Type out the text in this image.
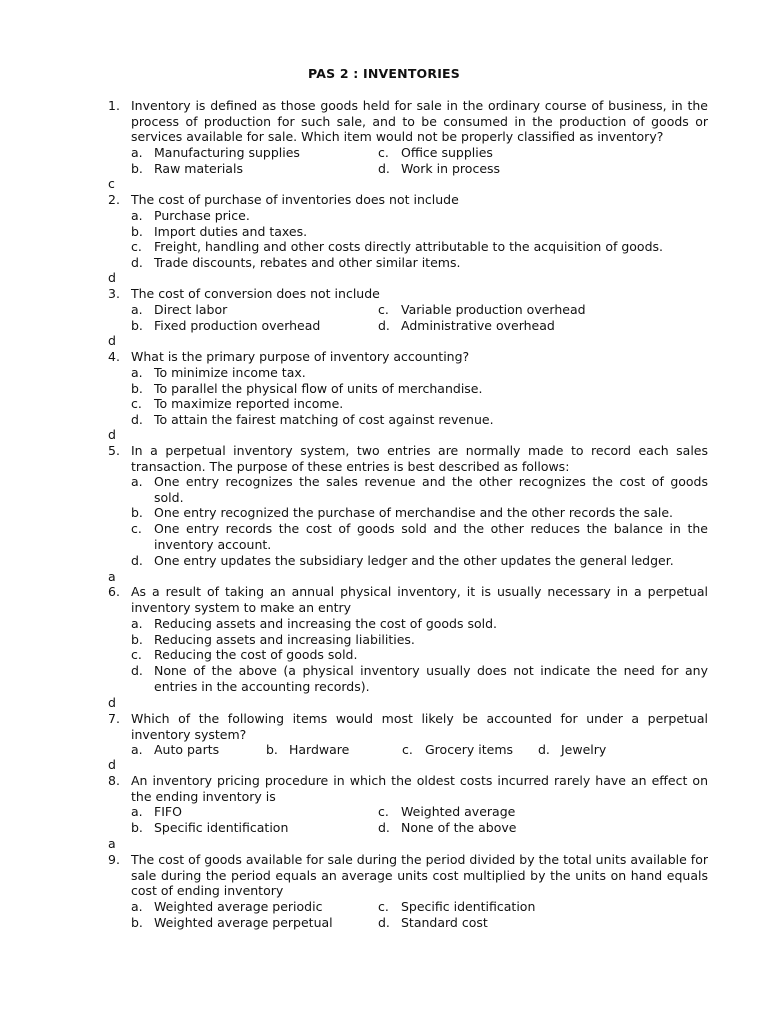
PAS 2 : INVENTORIES
1. Inventory is defined as those goods held for sale in the ordinary course of business, in the process of production for such sale, and to be consumed in the production of goods or services available for sale. Which item would not be properly classified as inventory?
a. Manufacturing supplies
b. Raw materials
c. Office supplies
d. Work in process
c
2. The cost of purchase of inventories does not include
a. Purchase price.
b. Import duties and taxes.
c. Freight, handling and other costs directly attributable to the acquisition of goods.
d. Trade discounts, rebates and other similar items.
d
3. The cost of conversion does not include
a. Direct labor
b. Fixed production overhead
c. Variable production overhead
d. Administrative overhead
d
4. What is the primary purpose of inventory accounting?
a. To minimize income tax.
b. To parallel the physical flow of units of merchandise.
c. To maximize reported income.
d. To attain the fairest matching of cost against revenue.
d
5. In a perpetual inventory system, two entries are normally made to record each sales transaction. The purpose of these entries is best described as follows:
a. One entry recognizes the sales revenue and the other recognizes the cost of goods sold.
b. One entry recognized the purchase of merchandise and the other records the sale.
c. One entry records the cost of goods sold and the other reduces the balance in the inventory account.
d. One entry updates the subsidiary ledger and the other updates the general ledger.
a
6. As a result of taking an annual physical inventory, it is usually necessary in a perpetual inventory system to make an entry
a. Reducing assets and increasing the cost of goods sold.
b. Reducing assets and increasing liabilities.
c. Reducing the cost of goods sold.
d. None of the above (a physical inventory usually does not indicate the need for any entries in the accounting records).
d
7. Which of the following items would most likely be accounted for under a perpetual inventory system?
a. Auto parts	b. Hardware	c. Grocery items	d. Jewelry
d
8. An inventory pricing procedure in which the oldest costs incurred rarely have an effect on the ending inventory is
a. FIFO
b. Specific identification
c. Weighted average
d. None of the above
a
9. The cost of goods available for sale during the period divided by the total units available for sale during the period equals an average units cost multiplied by the units on hand equals cost of ending inventory
a. Weighted average periodic
b. Weighted average perpetual
c. Specific identification
d. Standard cost
